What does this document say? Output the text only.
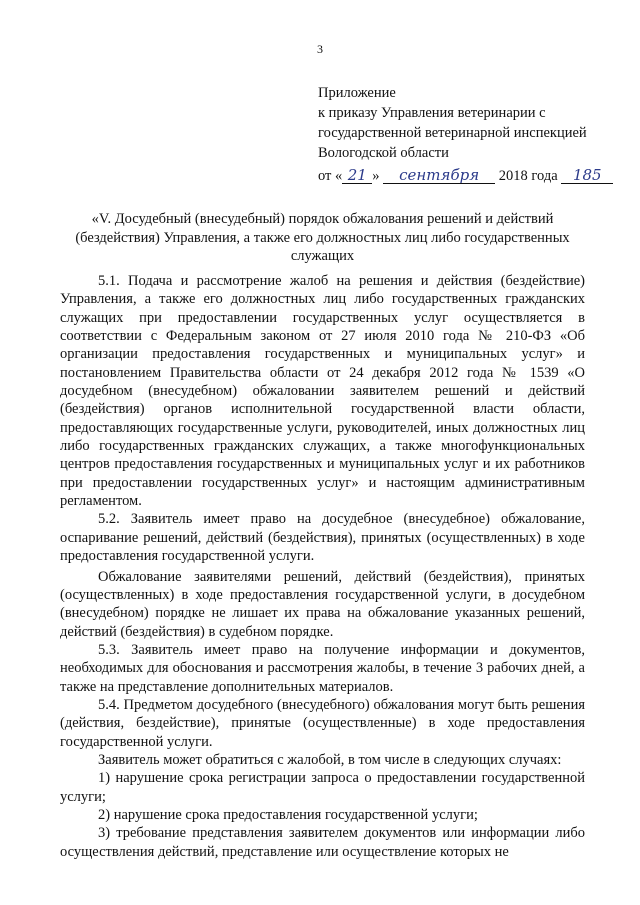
3
Приложение
к приказу Управления ветеринарии с
государственной ветеринарной инспекцией
Вологодской области
от « 21 » сентября 2018 года 185
«V. Досудебный (внесудебный) порядок обжалования решений и действий (бездействия) Управления, а также его должностных лиц либо государственных служащих

5.1. Подача и рассмотрение жалоб на решения и действия (бездействие) Управления, а также его должностных лиц либо государственных гражданских служащих при предоставлении государственных услуг осуществляется в соответствии с Федеральным законом от 27 июля 2010 года № 210-ФЗ «Об организации предоставления государственных и муниципальных услуг» и постановлением Правительства области от 24 декабря 2012 года № 1539 «О досудебном (внесудебном) обжаловании заявителем решений и действий (бездействия) органов исполнительной государственной власти области, предоставляющих государственные услуги, руководителей, иных должностных лиц либо государственных гражданских служащих, а также многофункциональных центров предоставления государственных и муниципальных услуг и их работников при предоставлении государственных услуг» и настоящим административным регламентом.

5.2. Заявитель имеет право на досудебное (внесудебное) обжалование, оспаривание решений, действий (бездействия), принятых (осуществленных) в ходе предоставления государственной услуги.

Обжалование заявителями решений, действий (бездействия), принятых (осуществленных) в ходе предоставления государственной услуги, в досудебном (внесудебном) порядке не лишает их права на обжалование указанных решений, действий (бездействия) в судебном порядке.

5.3. Заявитель имеет право на получение информации и документов, необходимых для обоснования и рассмотрения жалобы, в течение 3 рабочих дней, а также на представление дополнительных материалов.

5.4. Предметом досудебного (внесудебного) обжалования могут быть решения (действия, бездействие), принятые (осуществленные) в ходе предоставления государственной услуги.

Заявитель может обратиться с жалобой, в том числе в следующих случаях:

1) нарушение срока регистрации запроса о предоставлении государственной услуги;

2) нарушение срока предоставления государственной услуги;

3) требование представления заявителем документов или информации либо осуществления действий, представление или осуществление которых не
